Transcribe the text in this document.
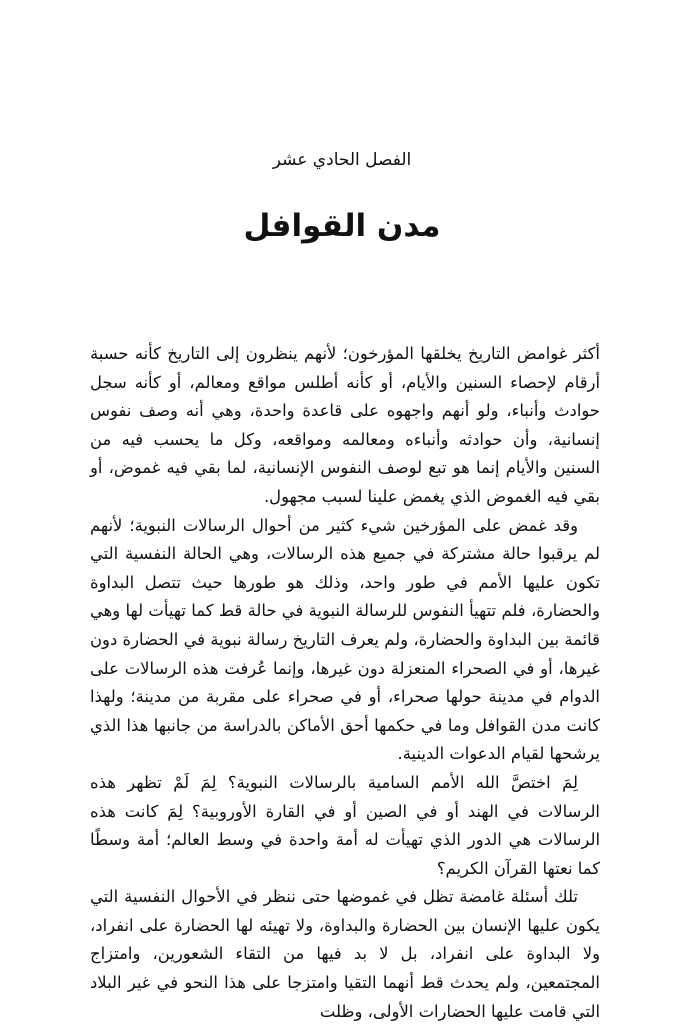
الفصل الحادي عشر
مدن القوافل

أكثر غوامض التاريخ يخلقها المؤرخون؛ لأنهم ينظرون إلى التاريخ كأنه حسبة أرقام لإحصاء السنين والأيام، أو كأنه أطلس مواقع ومعالم، أو كأنه سجل حوادث وأنباء، ولو أنهم واجهوه على قاعدة واحدة، وهي أنه وصف نفوس إنسانية، وأن حوادثه وأنباءه ومعالمه ومواقعه، وكل ما يحسب فيه من السنين والأيام إنما هو تبع لوصف النفوس الإنسانية، لما بقي فيه غموض، أو بقي فيه الغموض الذي يغمض علينا لسبب مجهول.

وقد غمض على المؤرخين شيء كثير من أحوال الرسالات النبوية؛ لأنهم لم يرقبوا حالة مشتركة في جميع هذه الرسالات، وهي الحالة النفسية التي تكون عليها الأمم في طور واحد، وذلك هو طورها حيث تتصل البداوة والحضارة، فلم تتهيأ النفوس للرسالة النبوية في حالة قط كما تهيأت لها وهي قائمة بين البداوة والحضارة، ولم يعرف التاريخ رسالة نبوية في الحضارة دون غيرها، أو في الصحراء المنعزلة دون غيرها، وإنما عُرفت هذه الرسالات على الدوام في مدينة حولها صحراء، أو في صحراء على مقربة من مدينة؛ ولهذا كانت مدن القوافل وما في حكمها أحق الأماكن بالدراسة من جانبها هذا الذي يرشحها لقيام الدعوات الدينية.

لِمَ اختصَّ الله الأمم السامية بالرسالات النبوية؟ لِمَ لَمْ تظهر هذه الرسالات في الهند أو في الصين أو في القارة الأوروبية؟ لِمَ كانت هذه الرسالات هي الدور الذي تهيأت له أمة واحدة في وسط العالم؛ أمة وسطًا كما نعتها القرآن الكريم؟

تلك أسئلة غامضة تظل في غموضها حتى ننظر في الأحوال النفسية التي يكون عليها الإنسان بين الحضارة والبداوة، ولا تهيئه لها الحضارة على انفراد، ولا البداوة على انفراد، بل لا بد فيها من التقاء الشعورين، وامتزاج المجتمعين، ولم يحدث قط أنهما التقيا وامتزجا على هذا النحو في غير البلاد التي قامت عليها الحضارات الأولى، وظلت
